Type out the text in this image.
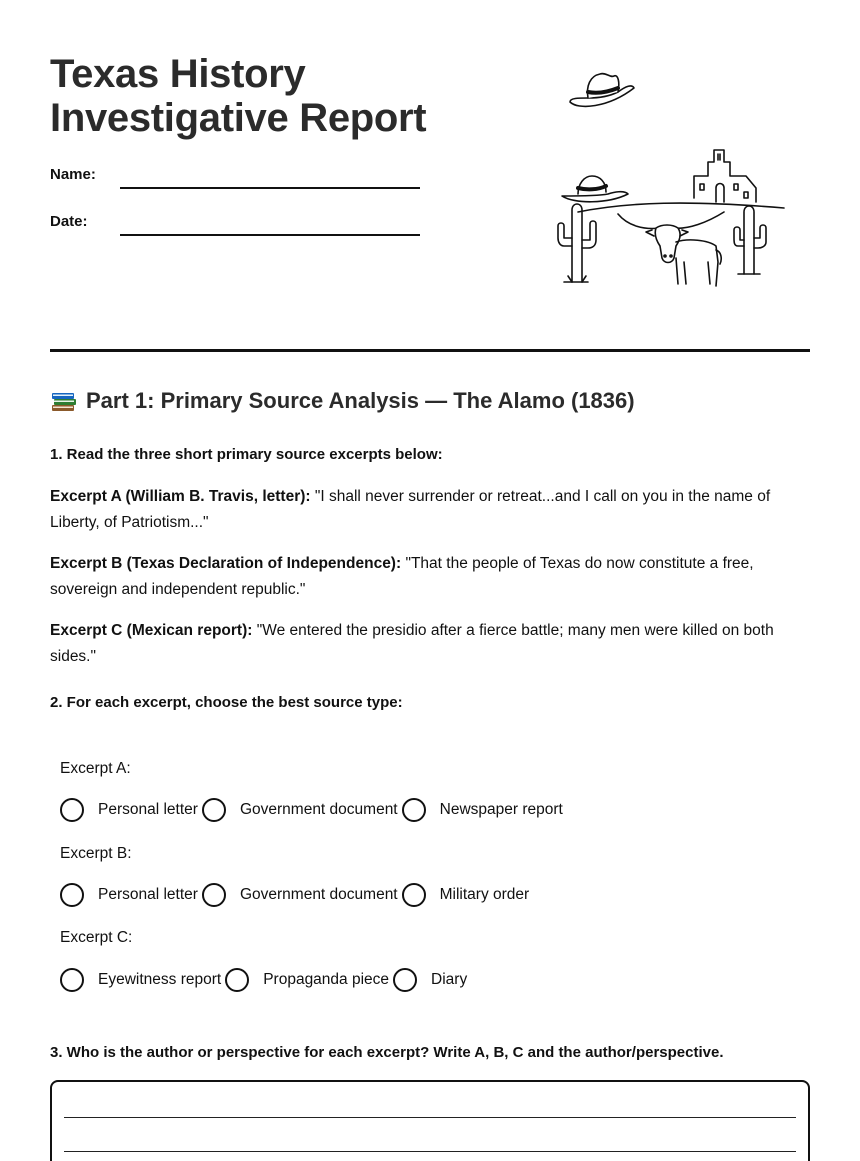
Texas History
Investigative Report
Name:
Date:
Part 1: Primary Source Analysis — The Alamo (1836)
1. Read the three short primary source excerpts below:
Excerpt A (William B. Travis, letter): "I shall never surrender or retreat...and I call on you in the name of Liberty, of Patriotism..."
Excerpt B (Texas Declaration of Independence): "That the people of Texas do now constitute a free, sovereign and independent republic."
Excerpt C (Mexican report): "We entered the presidio after a fierce battle; many men were killed on both sides."
2. For each excerpt, choose the best source type:
Excerpt A:
Personal letter	Government document	Newspaper report
Excerpt B:
Personal letter	Government document	Military order
Excerpt C:
Eyewitness report	Propaganda piece	Diary
3. Who is the author or perspective for each excerpt? Write A, B, C and the author/perspective.
